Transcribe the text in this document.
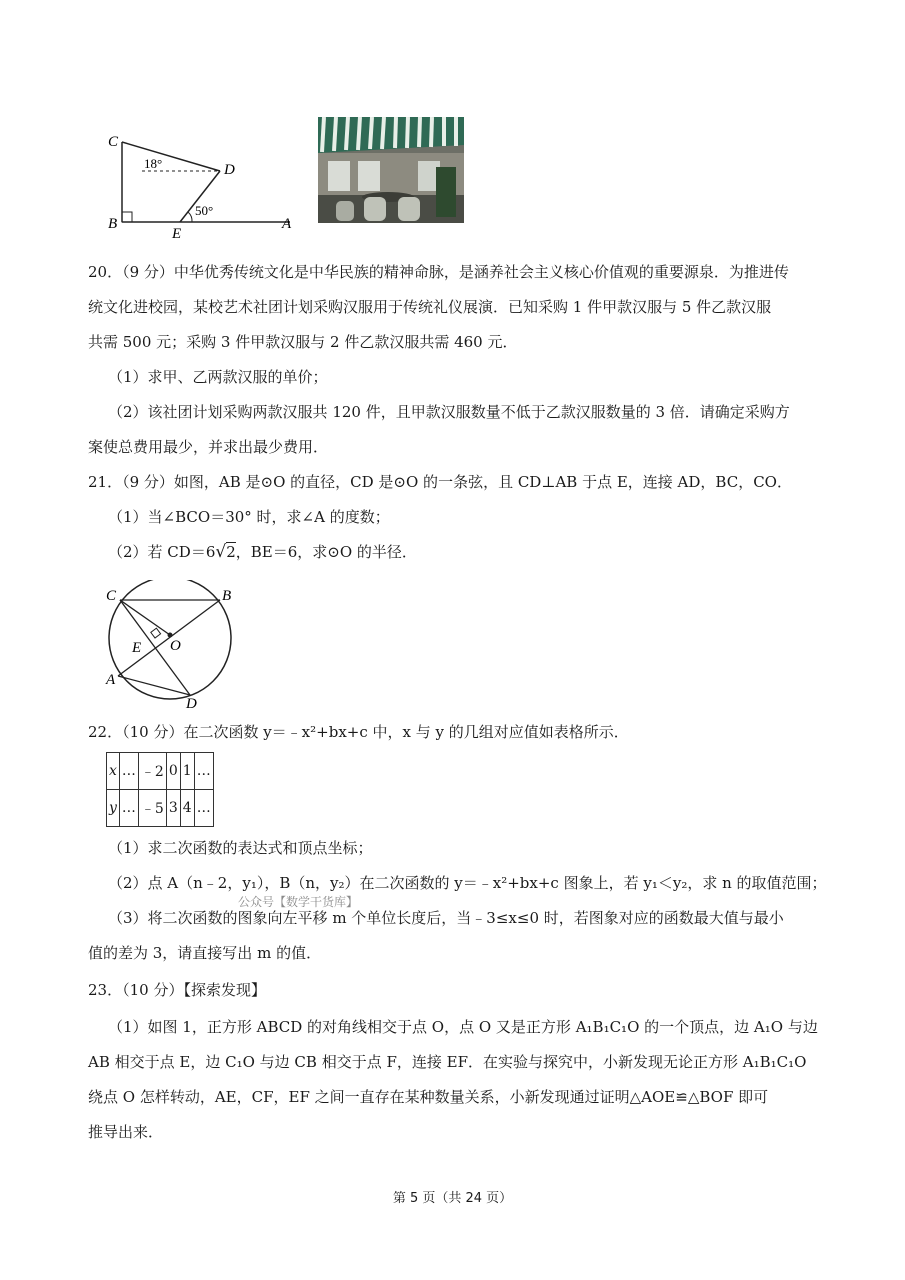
C
D
B
E
A
18°
50°
20．（9 分）中华优秀传统文化是中华民族的精神命脉，是涵养社会主义核心价值观的重要源泉．为推进传
统文化进校园，某校艺术社团计划采购汉服用于传统礼仪展演．已知采购 1 件甲款汉服与 5 件乙款汉服
共需 500 元；采购 3 件甲款汉服与 2 件乙款汉服共需 460 元．
（1）求甲、乙两款汉服的单价；
（2）该社团计划采购两款汉服共 120 件，且甲款汉服数量不低于乙款汉服数量的 3 倍．请确定采购方
案使总费用最少，并求出最少费用．
21．（9 分）如图，AB 是⊙O 的直径，CD 是⊙O 的一条弦，且 CD⊥AB 于点 E，连接 AD，BC，CO．
（1）当∠BCO＝30° 时，求∠A 的度数；
（2）若 CD＝6√2，BE＝6，求⊙O 的半径．
C	B
E O
A
D
22．（10 分）在二次函数 y＝﹣x²+bx+c 中，x 与 y 的几组对应值如表格所示．
x	…	﹣2	0	1	…
y	…	﹣5	3	4	…
（1）求二次函数的表达式和顶点坐标；
（2）点 A（n﹣2，y₁），B（n，y₂）在二次函数的 y＝﹣x²+bx+c 图象上，若 y₁＜y₂，求 n 的取值范围；
公众号【数学干货库】
（3）将二次函数的图象向左平移 m 个单位长度后，当﹣3≤x≤0 时，若图象对应的函数最大值与最小
值的差为 3，请直接写出 m 的值．
23．（10 分）【探索发现】
（1）如图 1，正方形 ABCD 的对角线相交于点 O，点 O 又是正方形 A₁B₁C₁O 的一个顶点，边 A₁O 与边
AB 相交于点 E，边 C₁O 与边 CB 相交于点 F，连接 EF．在实验与探究中，小新发现无论正方形 A₁B₁C₁O
绕点 O 怎样转动，AE，CF，EF 之间一直存在某种数量关系，小新发现通过证明△AOE≌△BOF 即可
推导出来．
第 5 页（共 24 页）
